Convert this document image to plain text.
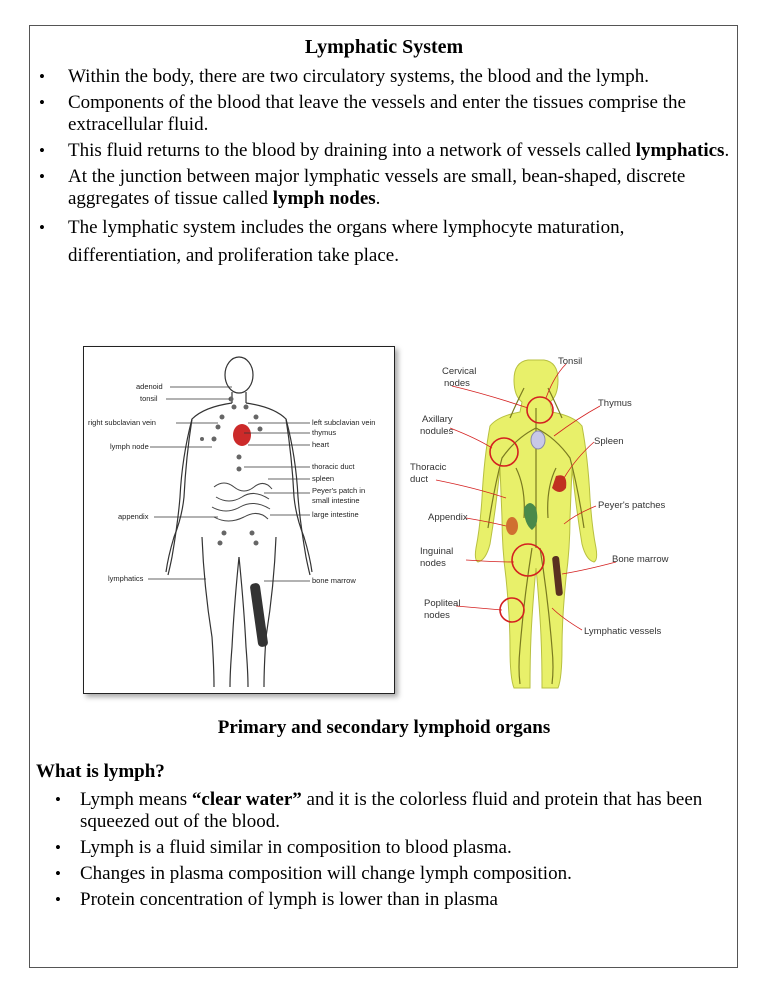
Lymphatic System
• Within the body, there are two circulatory systems, the blood and the lymph.
• Components of the blood that leave the vessels and enter the tissues comprise the extracellular fluid.
• This fluid returns to the blood by draining into a network of vessels called lymphatics.
• At the junction between major lymphatic vessels are small, bean-shaped, discrete aggregates of tissue called lymph nodes.
• The lymphatic system includes the organs where lymphocyte maturation, differentiation, and proliferation take place.
adenoid
tonsil
right subclavian vein
lymph node
appendix
lymphatics
left subclavian vein
thymus
heart
thoracic duct
spleen
Peyer's patch in
small intestine
large intestine
bone marrow
Tonsil
Cervical
nodes
Thymus
Axillary
nodules
Spleen
Thoracic
duct
Peyer's patches
Appendix
Bone marrow
Inguinal
nodes
Popliteal
nodes
Lymphatic vessels
Primary and secondary lymphoid organs
What is lymph?
• Lymph means “clear water” and it is the colorless fluid and protein that has been squeezed out of the blood.
• Lymph is a fluid similar in composition to blood plasma.
• Changes in plasma composition will change lymph composition.
• Protein concentration of lymph is lower than in plasma
